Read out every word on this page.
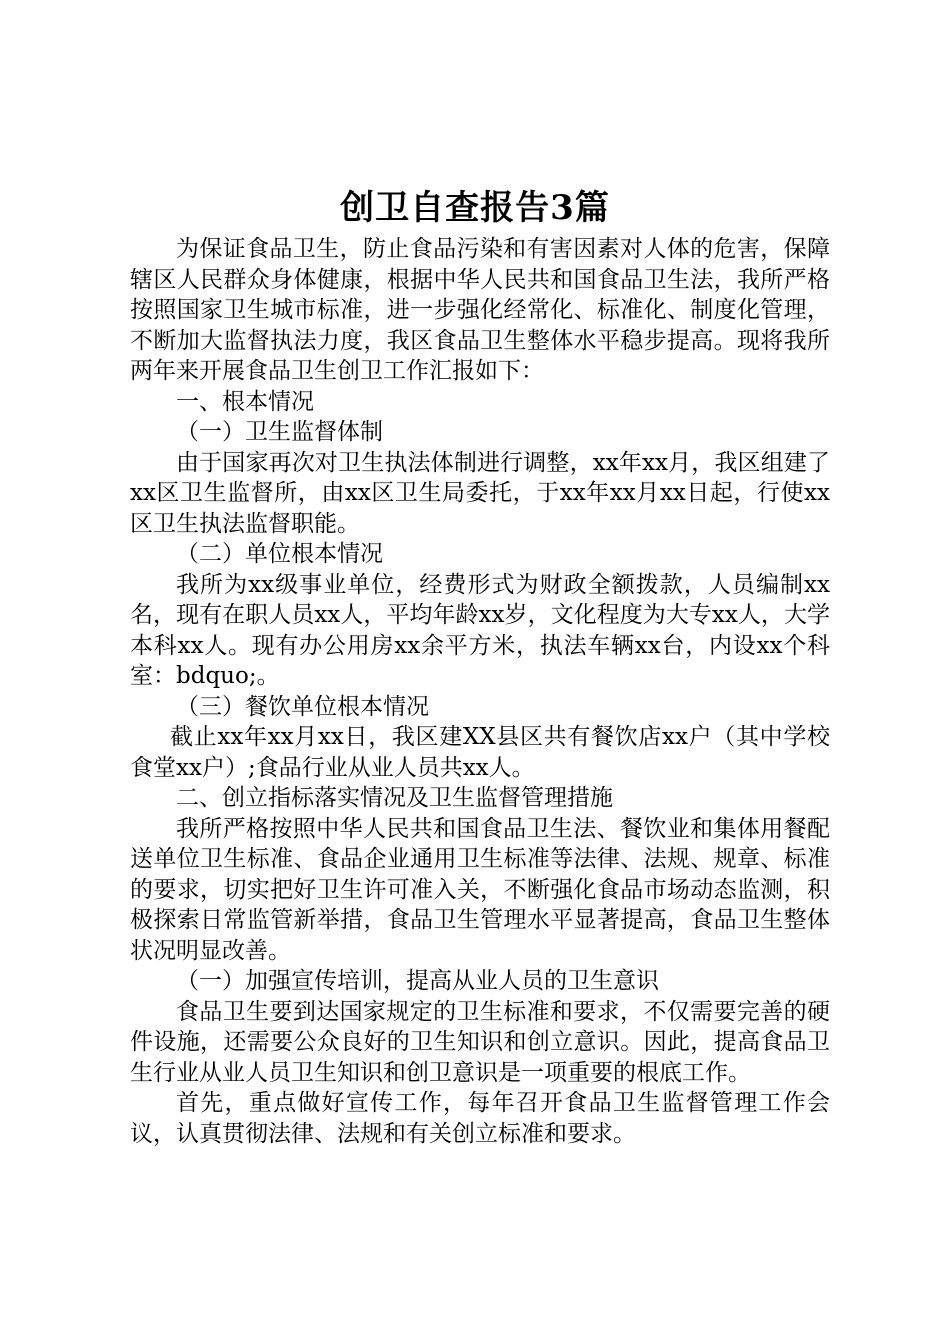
创卫自查报告3篇

为保证食品卫生，防止食品污染和有害因素对人体的危害，保障辖区人民群众身体健康，根据中华人民共和国食品卫生法，我所严格按照国家卫生城市标准，进一步强化经常化、标准化、制度化管理，不断加大监督执法力度，我区食品卫生整体水平稳步提高。现将我所两年来开展食品卫生创卫工作汇报如下：

一、根本情况

（一）卫生监督体制

由于国家再次对卫生执法体制进行调整，xx年xx月，我区组建了xx区卫生监督所，由xx区卫生局委托，于xx年xx月xx日起，行使xx区卫生执法监督职能。

（二）单位根本情况

我所为xx级事业单位，经费形式为财政全额拨款，人员编制xx名，现有在职人员xx人，平均年龄xx岁，文化程度为大专xx人，大学本科xx人。现有办公用房xx余平方米，执法车辆xx台，内设xx个科室：bdquo;。

（三）餐饮单位根本情况

截止xx年xx月xx日，我区建XX县区共有餐饮店xx户（其中学校食堂xx户）;食品行业从业人员共xx人。

二、创立指标落实情况及卫生监督管理措施

我所严格按照中华人民共和国食品卫生法、餐饮业和集体用餐配送单位卫生标准、食品企业通用卫生标准等法律、法规、规章、标准的要求，切实把好卫生许可准入关，不断强化食品市场动态监测，积极探索日常监管新举措，食品卫生管理水平显著提高，食品卫生整体状况明显改善。

（一）加强宣传培训，提高从业人员的卫生意识

食品卫生要到达国家规定的卫生标准和要求，不仅需要完善的硬件设施，还需要公众良好的卫生知识和创立意识。因此，提高食品卫生行业从业人员卫生知识和创卫意识是一项重要的根底工作。

首先，重点做好宣传工作，每年召开食品卫生监督管理工作会议，认真贯彻法律、法规和有关创立标准和要求。
